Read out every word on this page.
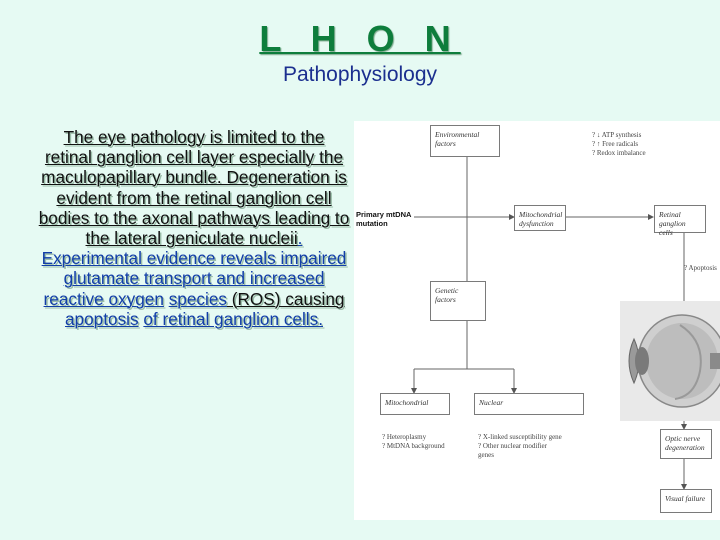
L H O N
Pathophysiology
The eye pathology is limited to the retinal ganglion cell layer especially the maculopapillary bundle. Degeneration is evident from the retinal ganglion cell bodies to the axonal pathways leading to the lateral geniculate nucleii. Experimental evidence reveals impaired glutamate transport and increased reactive oxygen species (ROS) causing apoptosis of retinal ganglion cells.
Environmental
factors
? ↓ ATP synthesis
? ↑ Free radicals
? Redox imbalance
Primary mtDNA
mutation
Mitochondrial
dysfunction
Retinal
ganglion cells
? Apoptosis
Genetic
factors
Mitochondrial	Nuclear
? Heteroplasmy
? MtDNA background
? X-linked susceptibility gene
? Other nuclear modifier
genes
Optic nerve
degeneration
Visual failure
